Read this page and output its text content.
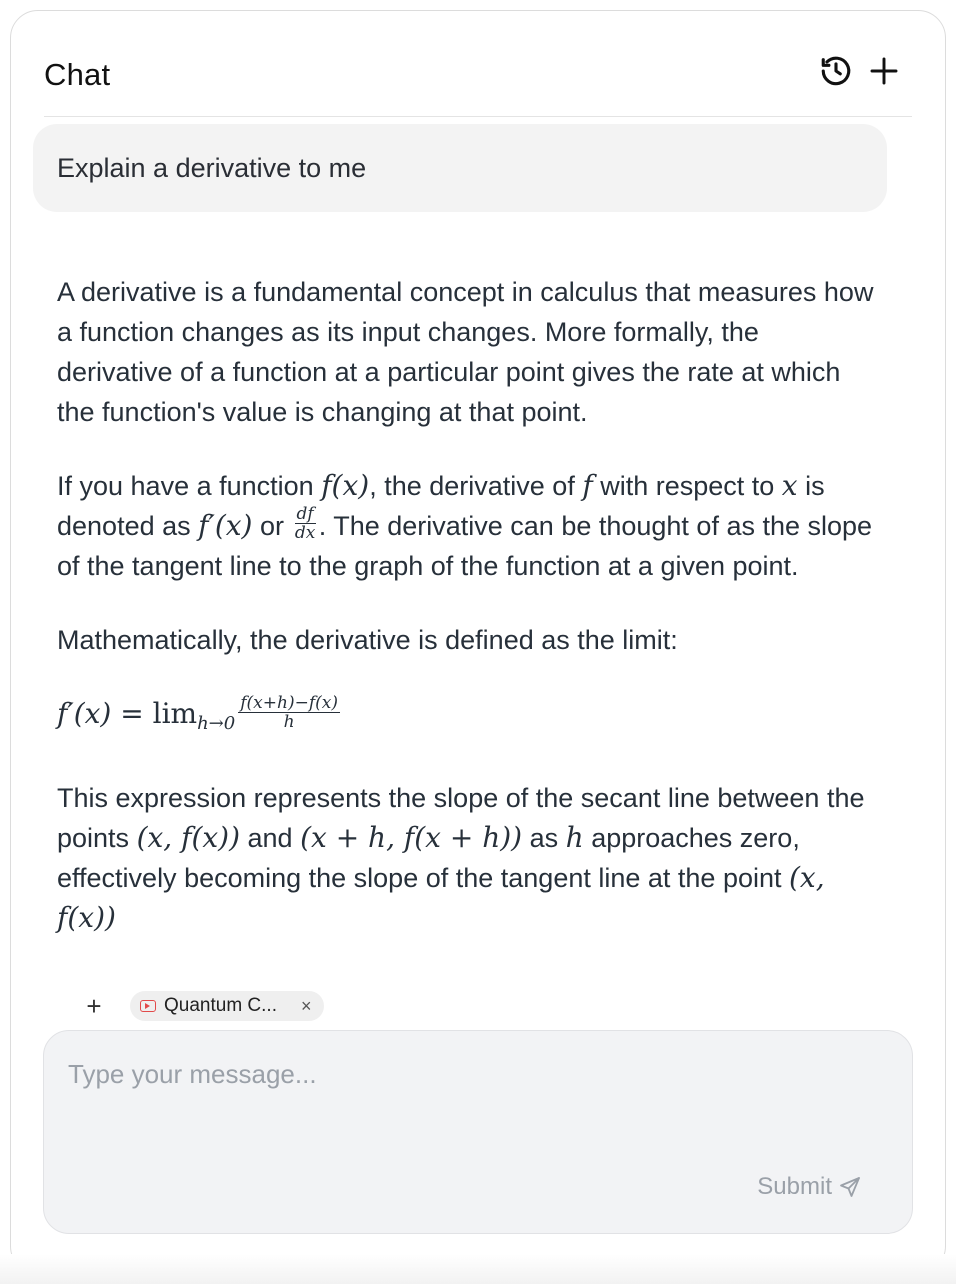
Chat
Explain a derivative to me

A derivative is a fundamental concept in calculus that measures how a function changes as its input changes. More formally, the derivative of a function at a particular point gives the rate at which the function's value is changing at that point.

If you have a function f(x), the derivative of f with respect to x is denoted as f′(x) or $\frac{df}{dx}$ . The derivative can be thought of as the slope of the tangent line to the graph of the function at a given point.

Mathematically, the derivative is defined as the limit:

$f'(x) = \lim_{h\to 0} \frac{f(x+h)-f(x)}{h}$

This expression represents the slope of the secant line between the points (x, f(x)) and (x + h, f(x + h)) as h approaches zero, effectively becoming the slope of the tangent line at the point (x, f(x))

+	Quantum C... ×
Type your message...
Submit
